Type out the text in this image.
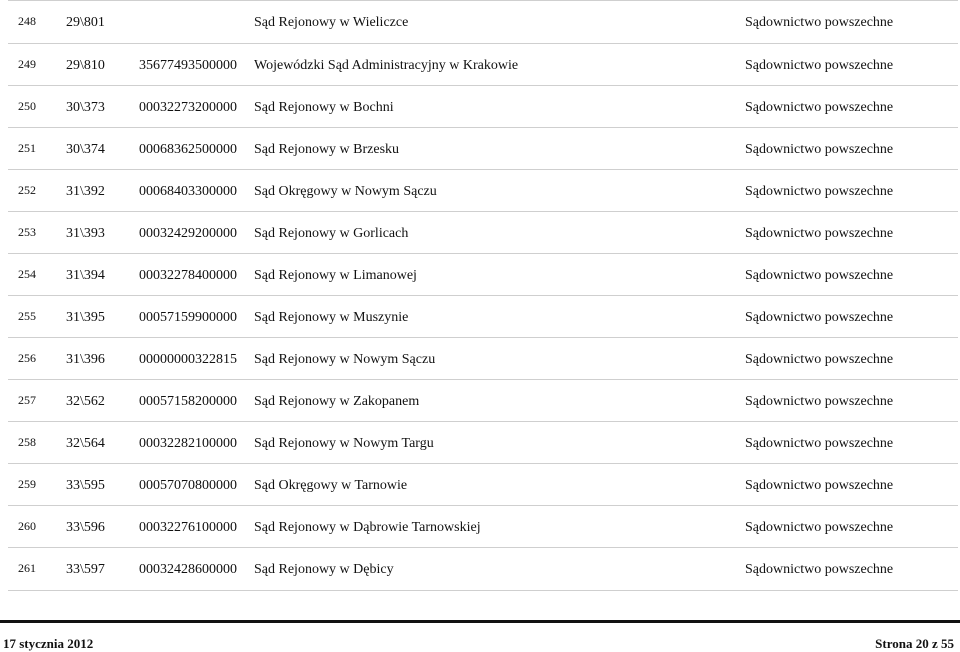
248 29\801	Sąd Rejonowy w Wieliczce	Sądownictwo powszechne
249 29\810 35677493500000 Wojewódzki Sąd Administracyjny w Krakowie	Sądownictwo powszechne
250 30\373 00032273200000 Sąd Rejonowy w Bochni	Sądownictwo powszechne
251 30\374 00068362500000 Sąd Rejonowy w Brzesku	Sądownictwo powszechne
252 31\392 00068403300000 Sąd Okręgowy w Nowym Sączu	Sądownictwo powszechne
253 31\393 00032429200000 Sąd Rejonowy w Gorlicach	Sądownictwo powszechne
254 31\394 00032278400000 Sąd Rejonowy w Limanowej	Sądownictwo powszechne
255 31\395 00057159900000 Sąd Rejonowy w Muszynie	Sądownictwo powszechne
256 31\396 00000000322815 Sąd Rejonowy w Nowym Sączu	Sądownictwo powszechne
257 32\562 00057158200000 Sąd Rejonowy w Zakopanem	Sądownictwo powszechne
258 32\564 00032282100000 Sąd Rejonowy w Nowym Targu	Sądownictwo powszechne
259 33\595 00057070800000 Sąd Okręgowy w Tarnowie	Sądownictwo powszechne
260 33\596 00032276100000 Sąd Rejonowy w Dąbrowie Tarnowskiej	Sądownictwo powszechne
261 33\597 00032428600000 Sąd Rejonowy w Dębicy	Sądownictwo powszechne
17 stycznia 2012	Strona 20 z 55
